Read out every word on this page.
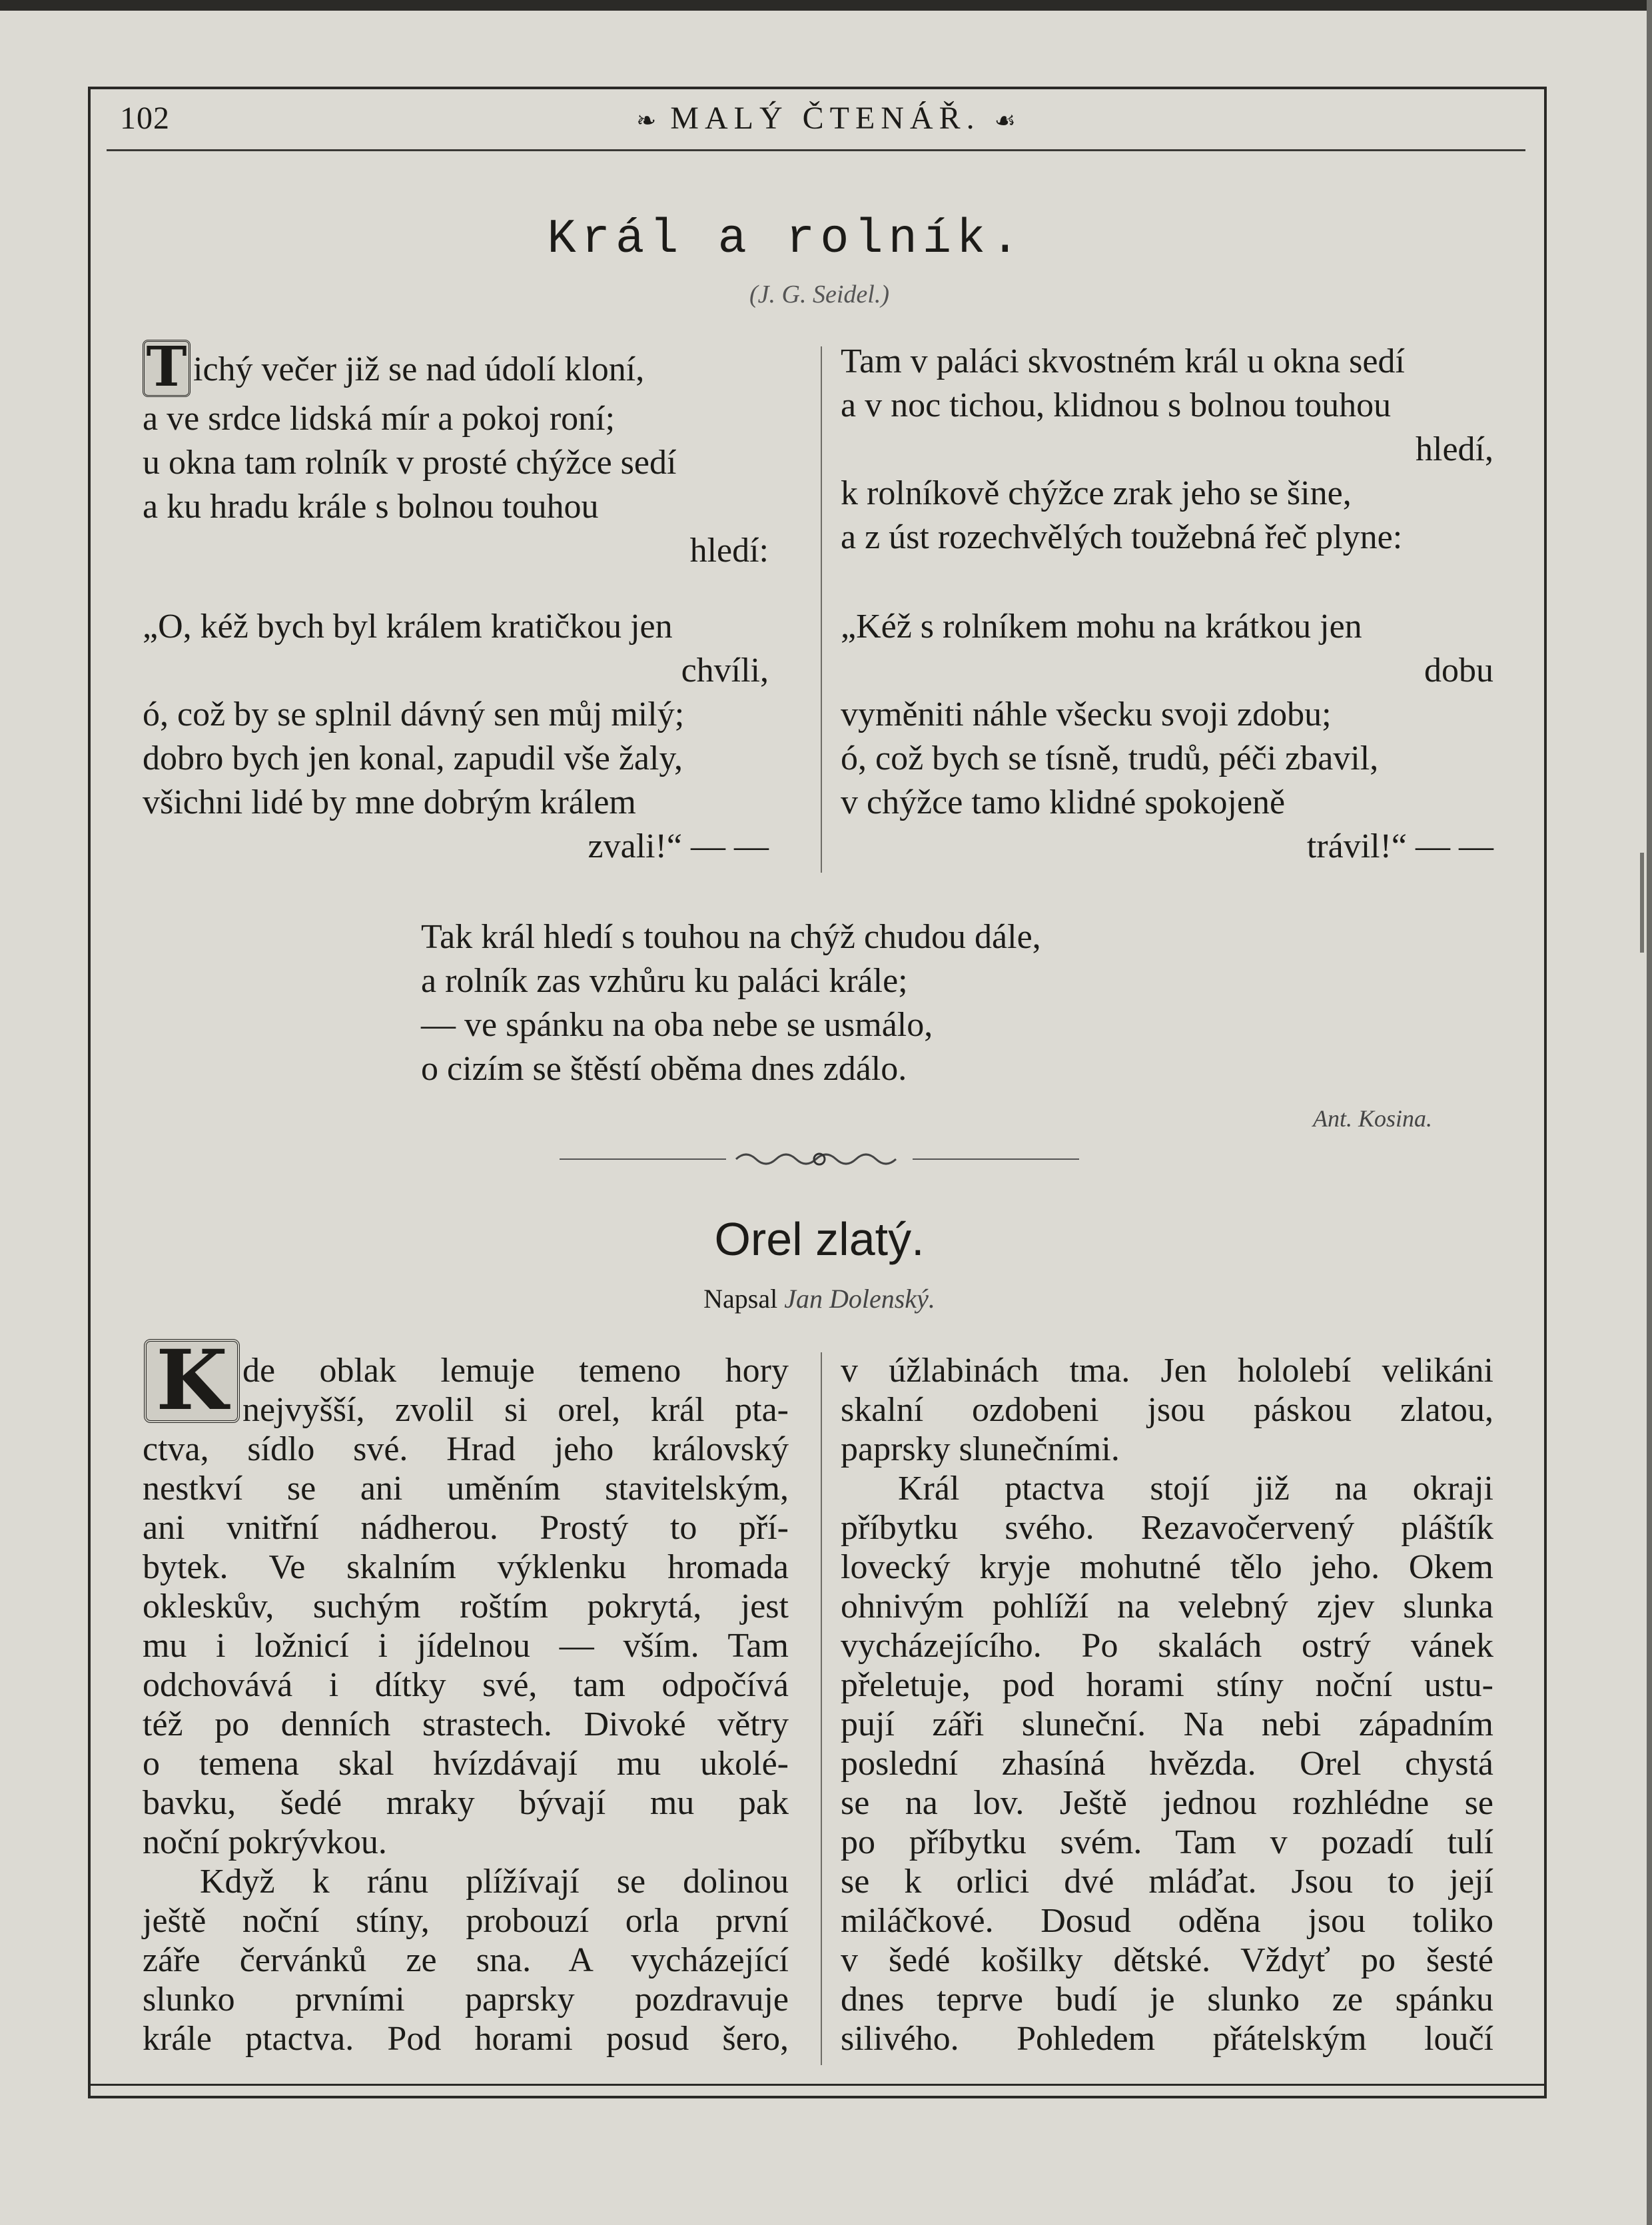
102	❧ MALÝ ČTENÁŘ. ☙
Král a rolník.
(J. G. Seidel.)
T ichý večer již se nad údolí kloní,
a ve srdce lidská mír a pokoj roní;
u okna tam rolník v prosté chýžce sedí
a ku hradu krále s bolnou touhou
hledí:
„O, kéž bych byl králem kratičkou jen
chvíli,
ó, což by se splnil dávný sen můj milý;
dobro bych jen konal, zapudil vše žaly,
všichni lidé by mne dobrým králem
zvali!“ — —
Tam v paláci skvostném král u okna sedí
a v noc tichou, klidnou s bolnou touhou
hledí,
k rolníkově chýžce zrak jeho se šine,
a z úst rozechvělých toužebná řeč plyne:
„Kéž s rolníkem mohu na krátkou jen
dobu
vyměniti náhle všecku svoji zdobu;
ó, což bych se tísně, trudů, péči zbavil,
v chýžce tamo klidné spokojeně
trávil!“ — —
Tak král hledí s touhou na chýž chudou dále,
a rolník zas vzhůru ku paláci krále;
— ve spánku na oba nebe se usmálo,
o cizím se štěstí oběma dnes zdálo.
Ant. Kosina.
Orel zlatý.
Napsal Jan Dolenský.
K de oblak lemuje temeno hory
nejvyšší, zvolil si orel, král pta-
ctva, sídlo své. Hrad jeho královský
nestkví se ani uměním stavitelským,
ani vnitřní nádherou. Prostý to pří-
bytek. Ve skalním výklenku hromada
okleskův, suchým roštím pokrytá, jest
mu i ložnicí i jídelnou — vším. Tam
odchovává i dítky své, tam odpočívá
též po denních strastech. Divoké větry
o temena skal hvízdávají mu ukolé-
bavku, šedé mraky bývají mu pak
noční pokrývkou.
Když k ránu plížívají se dolinou
ještě noční stíny, probouzí orla první
záře červánků ze sna. A vycházející
slunko prvními paprsky pozdravuje
krále ptactva. Pod horami posud šero,
v úžlabinách tma. Jen hololebí velikáni
skalní ozdobeni jsou páskou zlatou,
paprsky slunečními.
Král ptactva stojí již na okraji
příbytku svého. Rezavočervený pláštík
lovecký kryje mohutné tělo jeho. Okem
ohnivým pohlíží na velebný zjev slunka
vycházejícího. Po skalách ostrý vánek
přeletuje, pod horami stíny noční ustu-
pují záři sluneční. Na nebi západním
poslední zhasíná hvězda. Orel chystá
se na lov. Ještě jednou rozhlédne se
po příbytku svém. Tam v pozadí tulí
se k orlici dvé mláďat. Jsou to její
miláčkové. Dosud oděna jsou toliko
v šedé košilky dětské. Vždyť po šesté
dnes teprve budí je slunko ze spánku
silivého. Pohledem přátelským loučí
